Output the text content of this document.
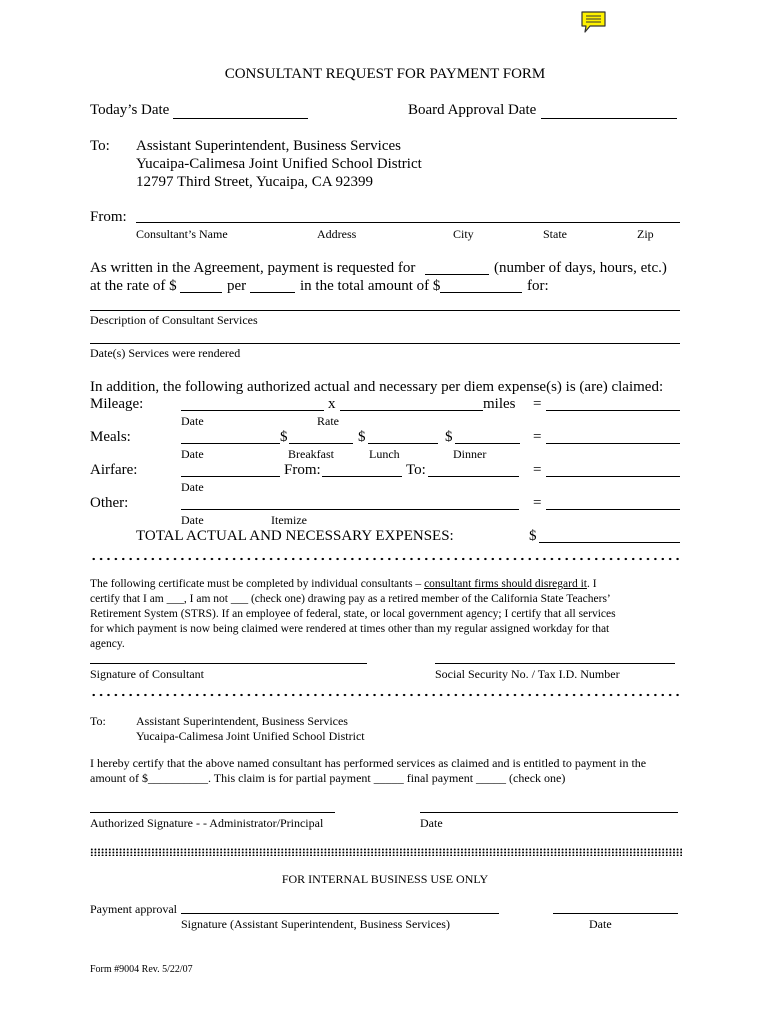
CONSULTANT REQUEST FOR PAYMENT FORM
Today’s Date	Board Approval Date
To: Assistant Superintendent, Business Services
Yucaipa-Calimesa Joint Unified School District
12797 Third Street, Yucaipa, CA 92399
From:
Consultant’s Name	Address	City	State	Zip
As written in the Agreement, payment is requested for	(number of days, hours, etc.)
at the rate of $	per	in the total amount of $	for:
Description of Consultant Services
Date(s) Services were rendered
In addition, the following authorized actual and necessary per diem expense(s) is (are) claimed:
Mileage:	x	miles =
Date	Rate
Meals:	$	$	$	=
Date	Breakfast	Lunch	Dinner
Airfare:	From:	To:	=
Date
Other:	=
Date	Itemize
TOTAL ACTUAL AND NECESSARY EXPENSES:	$
The following certificate must be completed by individual consultants – consultant firms should disregard it. I
certify that I am ___, I am not ___ (check one) drawing pay as a retired member of the California State Teachers’
Retirement System (STRS). If an employee of federal, state, or local government agency; I certify that all services
for which payment is now being claimed were rendered at times other than my regular assigned workday for that
agency.
Signature of Consultant	Social Security No. / Tax I.D. Number
To:	Assistant Superintendent, Business Services
Yucaipa-Calimesa Joint Unified School District
I hereby certify that the above named consultant has performed services as claimed and is entitled to payment in the
amount of $__________. This claim is for partial payment _____ final payment _____ (check one)
Authorized Signature - - Administrator/Principal	Date
FOR INTERNAL BUSINESS USE ONLY
Payment approval
Signature (Assistant Superintendent, Business Services)	Date
Form #9004 Rev. 5/22/07
